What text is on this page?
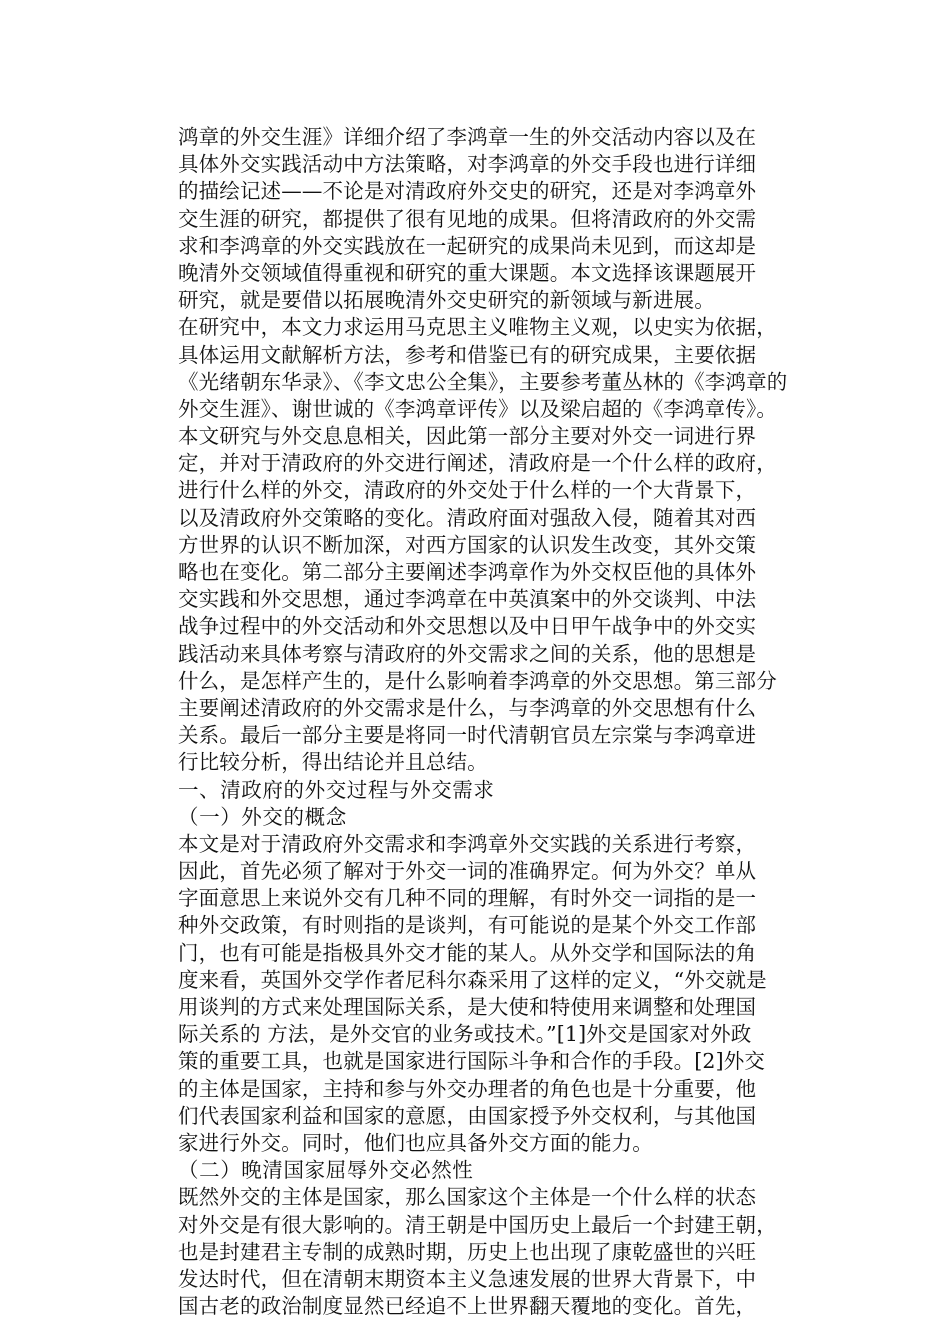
鸿章的外交生涯》详细介绍了李鸿章一生的外交活动内容以及在
具体外交实践活动中方法策略，对李鸿章的外交手段也进行详细
的描绘记述——不论是对清政府外交史的研究，还是对李鸿章外
交生涯的研究，都提供了很有见地的成果。但将清政府的外交需
求和李鸿章的外交实践放在一起研究的成果尚未见到，而这却是
晚清外交领域值得重视和研究的重大课题。本文选择该课题展开
研究，就是要借以拓展晚清外交史研究的新领域与新进展。
在研究中，本文力求运用马克思主义唯物主义观，以史实为依据，
具体运用文献解析方法，参考和借鉴已有的研究成果，主要依据
《光绪朝东华录》、《李文忠公全集》，主要参考董丛林的《李鸿章的
外交生涯》、谢世诚的《李鸿章评传》以及梁启超的《李鸿章传》。
本文研究与外交息息相关，因此第一部分主要对外交一词进行界
定，并对于清政府的外交进行阐述，清政府是一个什么样的政府，
进行什么样的外交，清政府的外交处于什么样的一个大背景下，
以及清政府外交策略的变化。清政府面对强敌入侵，随着其对西
方世界的认识不断加深，对西方国家的认识发生改变，其外交策
略也在变化。第二部分主要阐述李鸿章作为外交权臣他的具体外
交实践和外交思想，通过李鸿章在中英滇案中的外交谈判、中法
战争过程中的外交活动和外交思想以及中日甲午战争中的外交实
践活动来具体考察与清政府的外交需求之间的关系，他的思想是
什么，是怎样产生的，是什么影响着李鸿章的外交思想。第三部分
主要阐述清政府的外交需求是什么，与李鸿章的外交思想有什么
关系。最后一部分主要是将同一时代清朝官员左宗棠与李鸿章进
行比较分析，得出结论并且总结。
一、清政府的外交过程与外交需求
（一）外交的概念
本文是对于清政府外交需求和李鸿章外交实践的关系进行考察，
因此，首先必须了解对于外交一词的准确界定。何为外交？单从
字面意思上来说外交有几种不同的理解，有时外交一词指的是一
种外交政策，有时则指的是谈判，有可能说的是某个外交工作部
门，也有可能是指极具外交才能的某人。从外交学和国际法的角
度来看，英国外交学作者尼科尔森采用了这样的定义，“外交就是
用谈判的方式来处理国际关系，是大使和特使用来调整和处理国
际关系的 方法，是外交官的业务或技术。”[1]外交是国家对外政
策的重要工具，也就是国家进行国际斗争和合作的手段。[2]外交
的主体是国家，主持和参与外交办理者的角色也是十分重要，他
们代表国家利益和国家的意愿，由国家授予外交权利，与其他国
家进行外交。同时，他们也应具备外交方面的能力。
（二）晚清国家屈辱外交必然性
既然外交的主体是国家，那么国家这个主体是一个什么样的状态
对外交是有很大影响的。清王朝是中国历史上最后一个封建王朝，
也是封建君主专制的成熟时期，历史上也出现了康乾盛世的兴旺
发达时代，但在清朝末期资本主义急速发展的世界大背景下，中
国古老的政治制度显然已经追不上世界翻天覆地的变化。首先，
